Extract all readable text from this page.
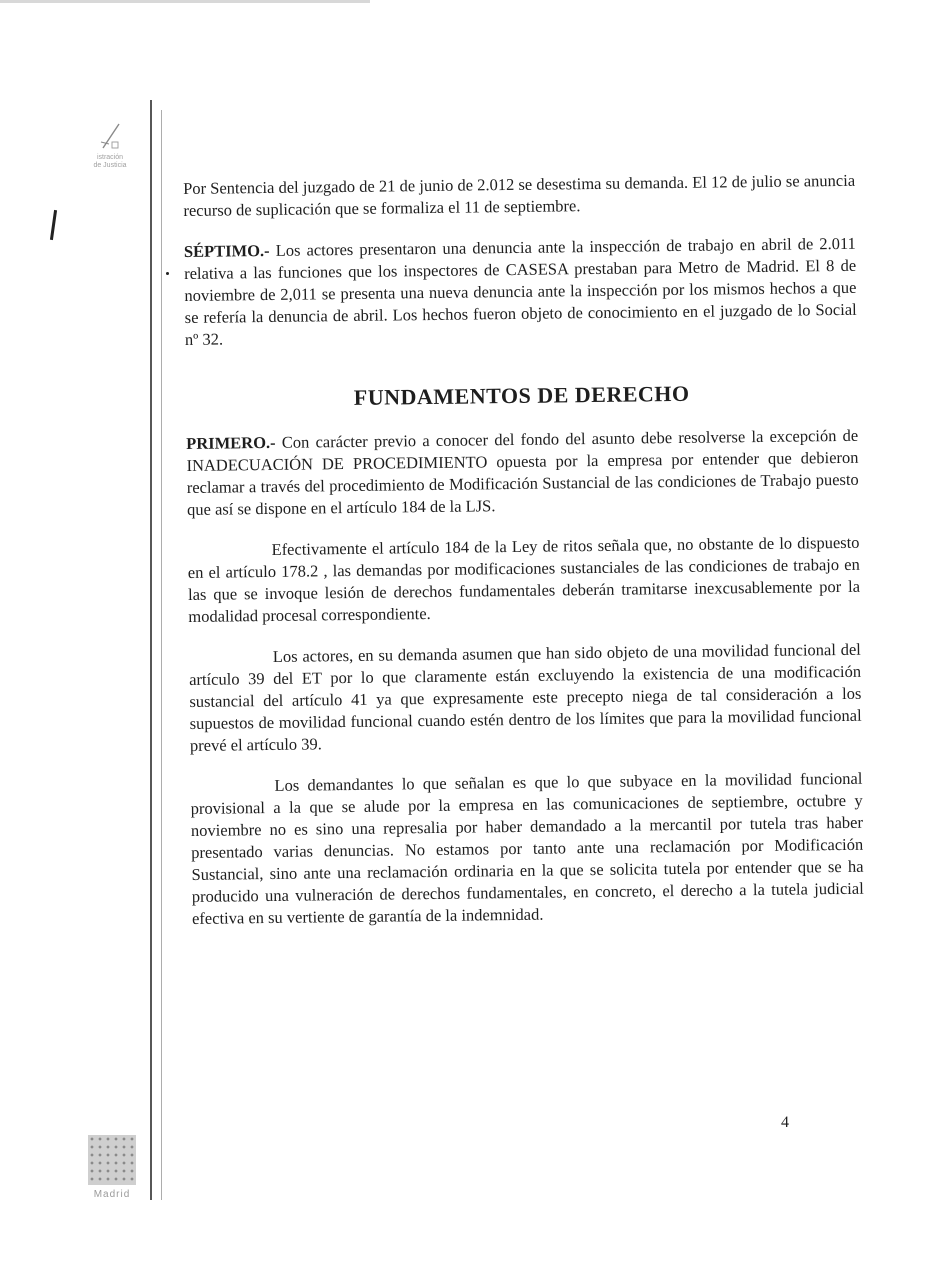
istración
de Justicia

Por Sentencia del juzgado de 21 de junio de 2.012 se desestima su demanda. El 12 de julio se anuncia recurso de suplicación que se formaliza el 11 de septiembre.

SÉPTIMO.- Los actores presentaron una denuncia ante la inspección de trabajo en abril de 2.011 relativa a las funciones que los inspectores de CASESA prestaban para Metro de Madrid. El 8 de noviembre de 2,011 se presenta una nueva denuncia ante la inspección por los mismos hechos a que se refería la denuncia de abril. Los hechos fueron objeto de conocimiento en el juzgado de lo Social nº 32.

FUNDAMENTOS DE DERECHO

PRIMERO.- Con carácter previo a conocer del fondo del asunto debe resolverse la excepción de INADECUACIÓN DE PROCEDIMIENTO opuesta por la empresa por entender que debieron reclamar a través del procedimiento de Modificación Sustancial de las condiciones de Trabajo puesto que así se dispone en el artículo 184 de la LJS.

Efectivamente el artículo 184 de la Ley de ritos señala que, no obstante de lo dispuesto en el artículo 178.2 , las demandas por modificaciones sustanciales de las condiciones de trabajo en las que se invoque lesión de derechos fundamentales deberán tramitarse inexcusablemente por la modalidad procesal correspondiente.

Los actores, en su demanda asumen que han sido objeto de una movilidad funcional del artículo 39 del ET por lo que claramente están excluyendo la existencia de una modificación sustancial del artículo 41 ya que expresamente este precepto niega de tal consideración a los supuestos de movilidad funcional cuando estén dentro de los límites que para la movilidad funcional prevé el artículo 39.

Los demandantes lo que señalan es que lo que subyace en la movilidad funcional provisional a la que se alude por la empresa en las comunicaciones de septiembre, octubre y noviembre no es sino una represalia por haber demandado a la mercantil por tutela tras haber presentado varias denuncias. No estamos por tanto ante una reclamación por Modificación Sustancial, sino ante una reclamación ordinaria en la que se solicita tutela por entender que se ha producido una vulneración de derechos fundamentales, en concreto, el derecho a la tutela judicial efectiva en su vertiente de garantía de la indemnidad.

4
Madrid
